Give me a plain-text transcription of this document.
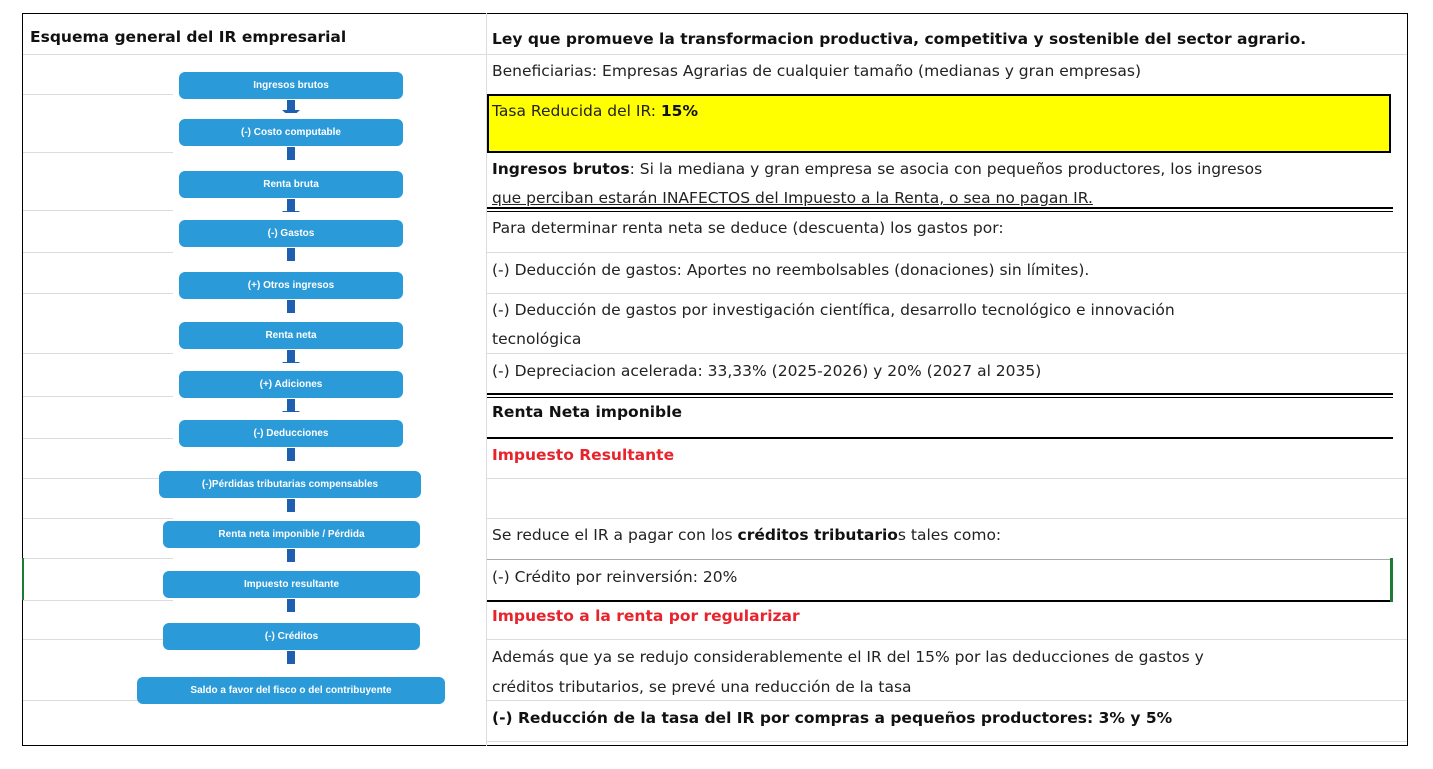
Esquema general del IR empresarial
Ingresos brutos
(-) Costo computable
Renta bruta
(-) Gastos
(+) Otros ingresos
Renta neta
(+) Adiciones
(-) Deducciones
(-)Pérdidas tributarias compensables
Renta neta imponible / Pérdida
Impuesto resultante
(-) Créditos
Saldo a favor del fisco o del contribuyente
Ley que promueve la transformacion productiva, competitiva y sostenible del sector agrario.
Beneficiarias: Empresas Agrarias de cualquier tamaño (medianas y gran empresas)
Tasa Reducida del IR: 15%
Ingresos brutos: Si la mediana y gran empresa se asocia con pequeños productores, los ingresos
que perciban estarán INAFECTOS del Impuesto a la Renta, o sea no pagan IR.
Para determinar renta neta se deduce (descuenta) los gastos por:
(-) Deducción de gastos: Aportes no reembolsables (donaciones) sin límites).
(-) Deducción de gastos por investigación científica, desarrollo tecnológico e innovación
tecnológica
(-) Depreciacion acelerada: 33,33% (2025-2026) y 20% (2027 al 2035)
Renta Neta imponible
Impuesto Resultante
Se reduce el IR a pagar con los créditos tributarios tales como:
(-) Crédito por reinversión: 20%
Impuesto a la renta por regularizar
Además que ya se redujo considerablemente el IR del 15% por las deducciones de gastos y
créditos tributarios, se prevé una reducción de la tasa
(-) Reducción de la tasa del IR por compras a pequeños productores: 3% y 5%
